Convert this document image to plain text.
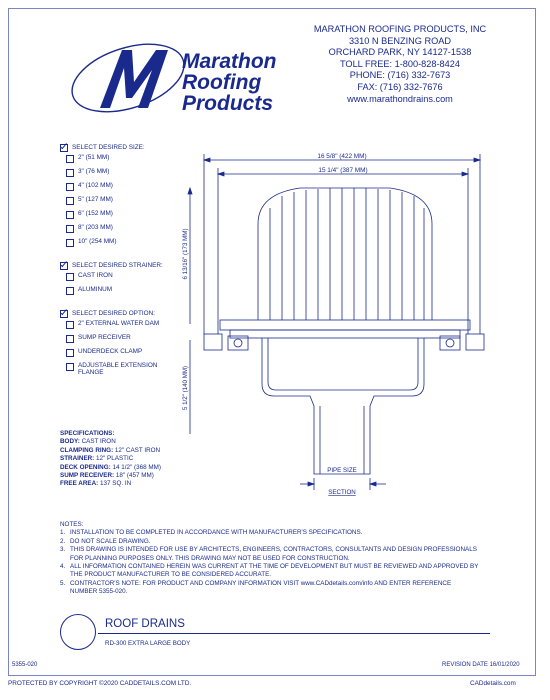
MARATHON ROOFING PRODUCTS, INC
3310 N BENZING ROAD
ORCHARD PARK, NY 14127-1538
TOLL FREE: 1-800-828-8424
PHONE: (716) 332-7673
FAX: (716) 332-7676
www.marathondrains.com
Marathon
Roofing
Products
SELECT DESIRED SIZE:
2" (51 MM)
3" (76 MM)
4" (102 MM)
5" (127 MM)
6" (152 MM)
8" (203 MM)
10" (254 MM)
SELECT DESIRED STRAINER:
CAST IRON
ALUMINUM
SELECT DESIRED OPTION:
2" EXTERNAL WATER DAM
SUMP RECEIVER
UNDERDECK CLAMP
ADJUSTABLE EXTENSION FLANGE
16 5/8" (422 MM)
15 1/4" (387 MM)
6 13/16" (173 MM)
5 1/2" (140 MM)
PIPE SIZE
SECTION
SPECIFICATIONS:
BODY: CAST IRON
CLAMPING RING: 12" CAST IRON
STRAINER: 12" PLASTIC
DECK OPENING: 14 1/2" (368 MM)
SUMP RECEIVER: 18" (457 MM)
FREE AREA: 137 SQ. IN
NOTES:
1. INSTALLATION TO BE COMPLETED IN ACCORDANCE WITH MANUFACTURER'S SPECIFICATIONS.
2. DO NOT SCALE DRAWING.
3. THIS DRAWING IS INTENDED FOR USE BY ARCHITECTS, ENGINEERS, CONTRACTORS, CONSULTANTS AND DESIGN PROFESSIONALS FOR PLANNING PURPOSES ONLY. THIS DRAWING MAY NOT BE USED FOR CONSTRUCTION.
4. ALL INFORMATION CONTAINED HEREIN WAS CURRENT AT THE TIME OF DEVELOPMENT BUT MUST BE REVIEWED AND APPROVED BY THE PRODUCT MANUFACTURER TO BE CONSIDERED ACCURATE.
5. CONTRACTOR'S NOTE: FOR PRODUCT AND COMPANY INFORMATION VISIT www.CADdetails.com/info AND ENTER REFERENCE NUMBER 5355-020.
ROOF DRAINS
RD-300 EXTRA LARGE BODY
5355-020	REVISION DATE 16/01/2020
PROTECTED BY COPYRIGHT ©2020 CADDETAILS.COM LTD.	CADdetails.com
